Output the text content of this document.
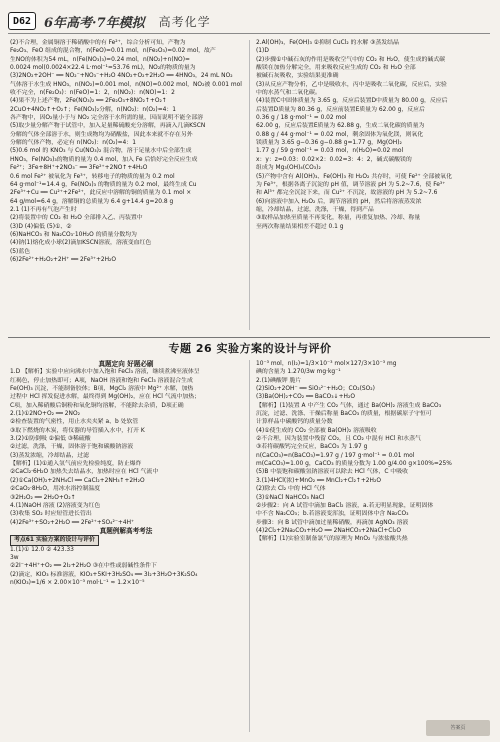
D62 6年高考·7年模拟 高考化学

(2)不合理，金属铜溶于稀硝酸中的有 Fe²⁺，综合分析可知，产物为

Fe₂O₃、FeO 组成的混合物，n(FeO)=0.01 mol，n(Fe₂O₃)=0.02 mol，故产

生NO的体积为54 mL，n(Fe(NO₃)₃)=0.24 mol，n(NO₂)+n(NO)=

0.0024 mol(0.0024×22.4 L·mol⁻¹=53.76 mL)，NO₂的物质的量为

(3)2NO₂+2OH⁻ ══ NO₂⁻+NO₃⁻+H₂O 4NO₂+O₂+2H₂O ══ 4HNO₃，24 mL NO₂

气体溶于水生成 HNO₃，n(NO₂)=0.001 mol，n(NO)=0.002 mol，NO₂被 0.001 mol

收不完全，n(Fe₂O₃)：n(FeO)=1：2，n(NO₂)：n(NO)=1：2

(4)果不为上述产物，2Fe(NO₃)₂ ══ 2Fe₂O₃+8NO₂↑+O₂↑

2CuO+4NO₂↑+O₂↑；Fe(NO₃)₂分解，n(NO₂)：n(O₂)=4：1

各产物中，因O₂量小于与 NO₂ 完全溶于水所需的量，因而说明不能全部溶

(5)取少量分解产物于试管中，加入足量稀硫酸充分溶解，再滴入几滴KSCN

分解的气体全部溶于水，则生成物均为硝酸盐，因此本来就不存在另外

分解的气体产物，必定有 n(NO₂)：n(O₂)=4：1

(5)0.6 mol 的 KNO₃ 与 Cu(NO₃)₂ 混合物，溶于足量水中后全部生成

HNO₃，Fe(NO₃)₃的物质的量为 0.4 mol，加入 Fe 后恰好完全反应生成

Fe²⁺；3Fe+8H⁺+2NO₃⁻ ══ 3Fe²⁺+2NO↑+4H₂O

0.6 mol Fe²⁺ 被氧化为 Fe³⁺，转移电子的物质的量为 0.2 mol

64 g·mol⁻¹=14.4 g，Fe(NO₃)₃ 的物质的量为 0.2 mol，最终生成 Cu

2Fe³⁺+Cu ══ Cu²⁺+2Fe²⁺，此反应中溶解的铜的质量为 0.1 mol ×

64 g/mol=6.4 g，溶解铜的总质量为 6.4 g+14.4 g=20.8 g

2.1 (1)不再有气泡产生时

(2)将装置中的 CO₂ 和 H₂O 全部排入乙、丙装置中

(3)D (4)偏低 (5)①、②

(6)NaHCO₃ 和 Na₂CO₃·10H₂O 的质量分数均为

(4)钠(1)熔化成小球(2)滴加KSCN溶液，溶液变血红色

(5)蓝色

(6)2Fe²⁺+H₂O₂+2H⁺ ══ 2Fe³⁺+2H₂O

2.Al(OH)₃，Fe(OH)₃ ②抑制 CuCl₂ 的水解 ③蒸发结晶

(1)D

(2)步骤①中碱石灰的作用是吸收空气中的 CO₂ 和 H₂O，使生成的碱式碳

酸镁在加热分解完全，用来吸收反应生成的 CO₂ 和 H₂O 全部

被碱石灰吸收，实验结果更准确

(3)从反应产物分析，乙中是吸收水，丙中是吸收二氧化碳，反应后，实验

中的水蒸气和二氧化碳。

(4)装置C中固体质量为 3.65 g，反应后装置D中质量为 80.00 g，反应后

后装置D质量为 80.36 g，反应前装置E质量为 62.00 g，反应后

0.36 g / 18 g·mol⁻¹ = 0.02 mol

62.00 g，反应后装置E质量为 62.88 g，生成二氧化碳的质量为

0.88 g / 44 g·mol⁻¹ = 0.02 mol，剩余固体为氧化镁，则氧化

镁质量为 3.65 g−0.36 g−0.88 g=1.77 g，Mg(OH)₂

1.77 g / 59 g·mol⁻¹ = 0.03 mol，n(H₂O)=0.02 mol

x：y：z=0.03：0.02×2：0.02=3：4：2，碱式碳酸镁的

组成为 Mg₃(OH)₄(CO₃)₂

(5)产物中含有 Al(OH)₃、Fe(OH)₃ 和 H₂O₂ 共存时，可使 Fe²⁺ 全部被氧化

为 Fe³⁺，根据各离子沉淀的 pH 值，调节溶液 pH 为 5.2~7.6，使 Fe³⁺

和 Al³⁺ 都完全沉淀下来，而 Cu²⁺ 不沉淀，故溶液的 pH 为 5.2~7.6

(6)向溶液中加入 H₂O₂ 后，调节溶液的 pH，然后将溶液蒸发浓

缩，冷却结晶，过滤，洗涤，干燥，得到产品

③取样品加热至质量不再变化，称量，再重复加热、冷却、称量

至两次称量结果相差不超过 0.1 g

专题 26 实验方案的设计与评价

真题定向 好题必刷

1.D 【解析】实验中应向沸水中加入饱和 FeCl₃ 溶液，继续煮沸至液体呈

红褐色，停止加热即可；A项，NaOH 溶液和饱和 FeCl₃ 溶液混合生成

Fe(OH)₃ 沉淀，不能制备胶体；B项，MgCl₂ 溶液中 Mg²⁺ 水解，加热

过程中 HCl 挥发促进水解，最终得到 Mg(OH)₂，应在 HCl 气流中加热；

C项，加入稀硝酸后铜粉和氧化铜均溶解，不能除去杂质，D项正确

2.(1)①2NO+O₂ ══ 2NO₂

②检查装置的气密性，用止水夹夹紧 a、b 处软管

③取下燃烧的木炭，将仪器的导管插入水中，打开 K

3.(2)①防倒吸 ②偏低 ③稀硫酸

②过滤，洗涤，干燥，固体溶于饱和碳酸钠溶液

(3)蒸发浓缩，冷却结晶，过滤

【解析】(1)①通入氢气前应先检验纯度，防止爆炸

②CaCl₂·6H₂O 加热失去结晶水，加热时应在 HCl 气流中

(2)①Ca(OH)₂+2NH₄Cl ══ CaCl₂+2NH₃↑+2H₂O

②CaO₂·8H₂O，用冰水浴控制温度

③2H₂O₂ ══ 2H₂O+O₂↑

4.(1)NaOH 溶液 (2)溶液变为红色

(3)收集 SO₂ 时应短管进长管出

(4)2Fe³⁺+SO₂+2H₂O ══ 2Fe²⁺+SO₄²⁻+4H⁺

真题例解高考考法

考点61 实验方案的设计与评价

1.(1)① 12.0 ② 423.33

3w

②2I⁻+4H⁺+O₂ ══ 2I₂+2H₂O ③在中性或弱碱性条件下

(2)滴定，KIO₃ 标准溶液，KIO₃+5KI+3H₂SO₄ ══ 3I₂+3H₂O+3K₂SO₄

n(KIO₃)=1/6 × 2.00×10⁻³ mol·L⁻¹ ≈ 1.2×10⁻⁵

10⁻³ mol，n(I₂)=1/3×10⁻³ mol×127/3×10⁻³ mg

碘的含量为 1.270/3w mg·kg⁻¹

2.(1)碘酸钾 脆片

(2)SiO₂+2OH⁻ ══ SiO₃²⁻+H₂O；CO₂(SO₂)

(3)Ba(OH)₂+CO₂ ══ BaCO₃↓+H₂O

【解析】(1)装置 A 中产生 CO₂ 气体，通过 Ba(OH)₂ 溶液生成 BaCO₃

沉淀，过滤、洗涤、干燥后称量 BaCO₃ 的质量，根据碳原子守恒可

计算样品中碳酸钙的质量分数

(4)①使生成的 CO₂ 全部被 Ba(OH)₂ 溶液吸收

②不合理，因为装置中残留 CO₂，且 CO₂ 中混有 HCl 和水蒸气

③若将碳酸钙完全反应，BaCO₃ 为 1.97 g

n(CaCO₃)=n(BaCO₃)=1.97 g / 197 g·mol⁻¹ = 0.01 mol

m(CaCO₃)=1.00 g，CaCO₃ 的质量分数为 1.00 g/4.00 g×100%=25%

(5)B 中装饱和碳酸氢钠溶液可以除去 HCl 气体，C 中吸收

3.(1)4HCl(浓)+MnO₂ ══ MnCl₂+Cl₂↑+2H₂O

(2)除去 Cl₂ 中的 HCl 气体

(3)①NaCl NaHCO₃ NaCl

②步骤2：向 A 试管中滴加 BaCl₂ 溶液，a.若无明显现象，证明固体

中不含 Na₂CO₃；b.若溶液变浑浊，证明固体中含 Na₂CO₃

步骤3：向 B 试管中滴加过量稀硝酸，再滴加 AgNO₃ 溶液

(4)2Cl₂+2Na₂CO₃+H₂O ══ 2NaHCO₃+2NaCl+Cl₂O

【解析】(1)实验室制备氯气的原理为 MnO₂ 与浓盐酸共热

答案页
